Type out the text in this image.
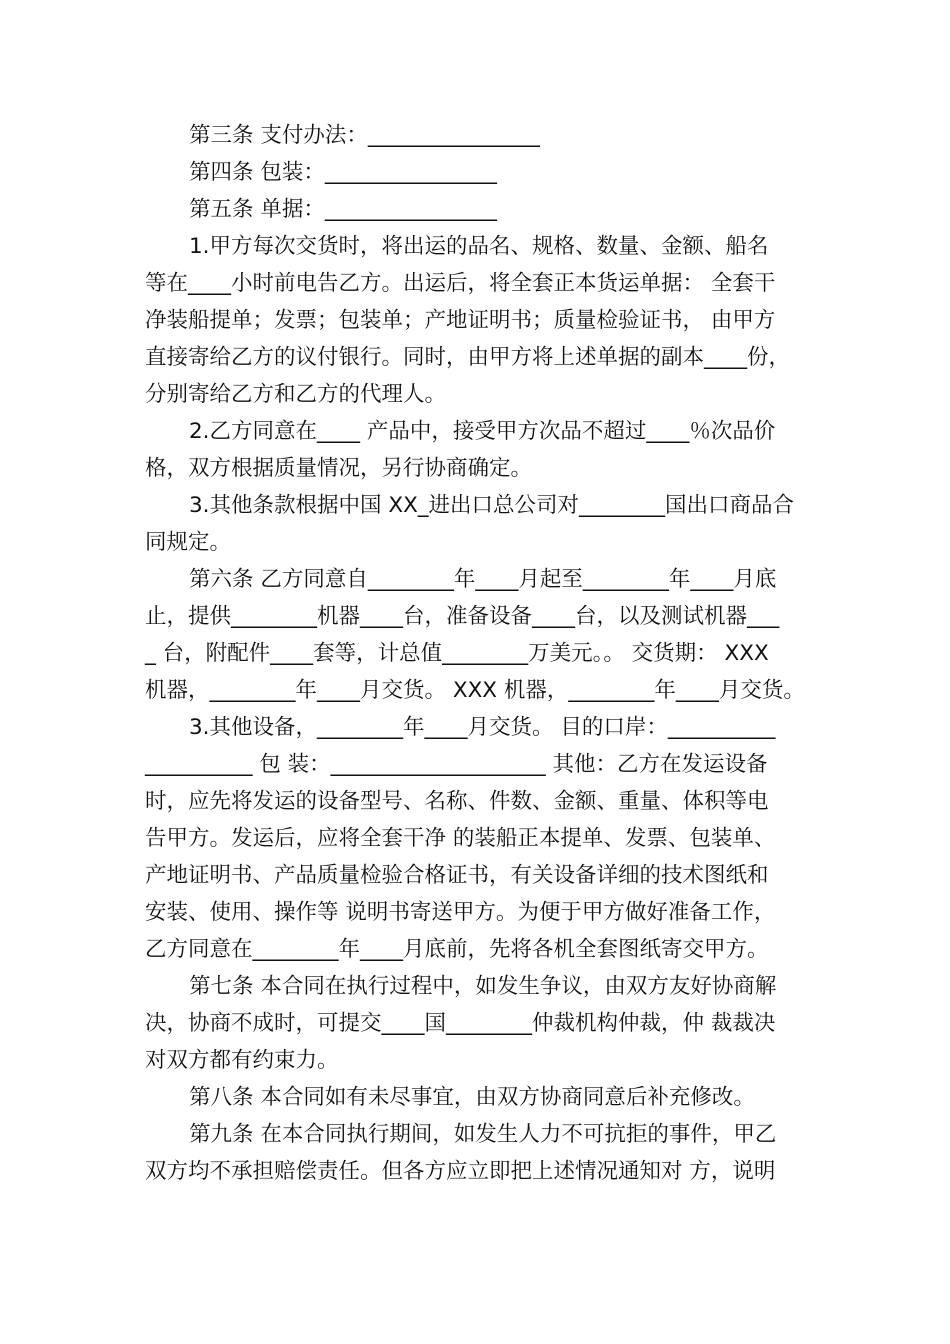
第三条 支付办法：________________
第四条 包装：________________
第五条 单据：________________
1.甲方每次交货时，将出运的品名、规格、数量、金额、船名
等在____小时前电告乙方。出运后，将全套正本货运单据： 全套干
净装船提单；发票；包装单；产地证明书；质量检验证书， 由甲方
直接寄给乙方的议付银行。同时，由甲方将上述单据的副本____份，
分别寄给乙方和乙方的代理人。
2.乙方同意在____ 产品中，接受甲方次品不超过____％次品价
格，双方根据质量情况，另行协商确定。
3.其他条款根据中国 XX_进出口总公司对________国出口商品合
同规定。
第六条 乙方同意自________年____月起至________年____月底
止，提供________机器____台，准备设备____台，以及测试机器___
_ 台，附配件____套等，计总值________万美元。。 交货期： XXX
机器，________年____月交货。 XXX 机器，________年____月交货。
3.其他设备，________年____月交货。 目的口岸：__________
__________ 包 装：____________________ 其他：乙方在发运设备
时，应先将发运的设备型号、名称、件数、金额、重量、体积等电
告甲方。发运后，应将全套干净 的装船正本提单、发票、包装单、
产地证明书、产品质量检验合格证书，有关设备详细的技术图纸和
安装、使用、操作等 说明书寄送甲方。为便于甲方做好准备工作，
乙方同意在________年____月底前，先将各机全套图纸寄交甲方。
第七条 本合同在执行过程中，如发生争议，由双方友好协商解
决，协商不成时，可提交____国________仲裁机构仲裁，仲 裁裁决
对双方都有约束力。
第八条 本合同如有未尽事宜，由双方协商同意后补充修改。
第九条 在本合同执行期间，如发生人力不可抗拒的事件，甲乙
双方均不承担赔偿责任。但各方应立即把上述情况通知对 方，说明
